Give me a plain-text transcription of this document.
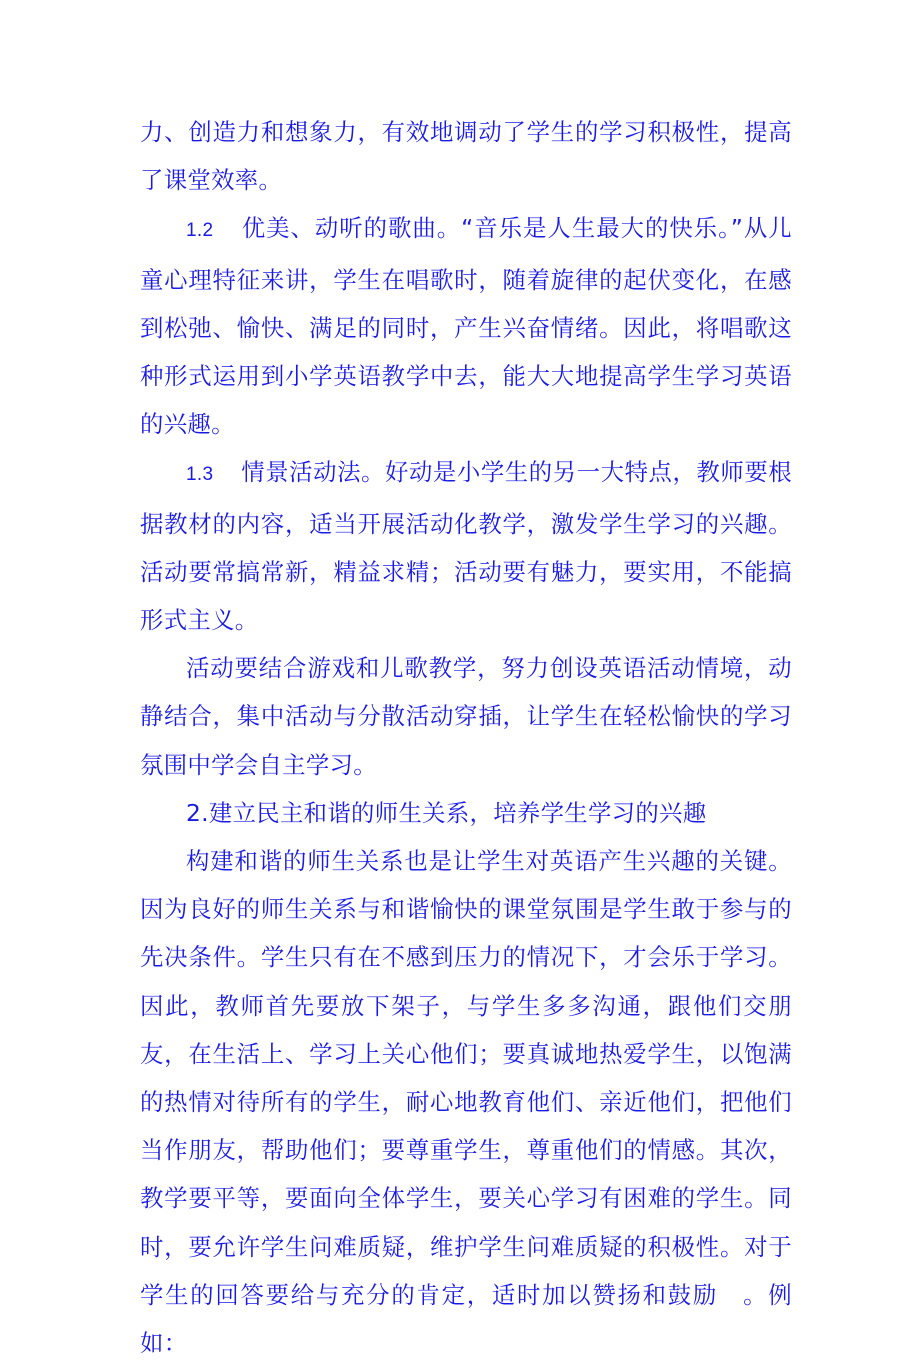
力、创造力和想象力，有效地调动了学生的学习积极性，提高了课堂效率。

1.2 优美、动听的歌曲。“音乐是人生最大的快乐。”从儿童心理特征来讲，学生在唱歌时，随着旋律的起伏变化，在感到松弛、愉快、满足的同时，产生兴奋情绪。因此，将唱歌这种形式运用到小学英语教学中去，能大大地提高学生学习英语的兴趣。

1.3 情景活动法。好动是小学生的另一大特点，教师要根据教材的内容，适当开展活动化教学，激发学生学习的兴趣。活动要常搞常新，精益求精；活动要有魅力，要实用，不能搞形式主义。

活动要结合游戏和儿歌教学，努力创设英语活动情境，动静结合，集中活动与分散活动穿插，让学生在轻松愉快的学习氛围中学会自主学习。

2.建立民主和谐的师生关系，培养学生学习的兴趣

构建和谐的师生关系也是让学生对英语产生兴趣的关键。因为良好的师生关系与和谐愉快的课堂氛围是学生敢于参与的先决条件。学生只有在不感到压力的情况下，才会乐于学习。因此，教师首先要放下架子，与学生多多沟通，跟他们交朋友，在生活上、学习上关心他们；要真诚地热爱学生，以饱满的热情对待所有的学生，耐心地教育他们、亲近他们，把他们当作朋友，帮助他们；要尊重学生，尊重他们的情感。其次，教学要平等，要面向全体学生，要关心学习有困难的学生。同时，要允许学生问难质疑，维护学生问难质疑的积极性。对于学生的回答要给与充分的肯定，适时加以赞扬和鼓励　。例如：
